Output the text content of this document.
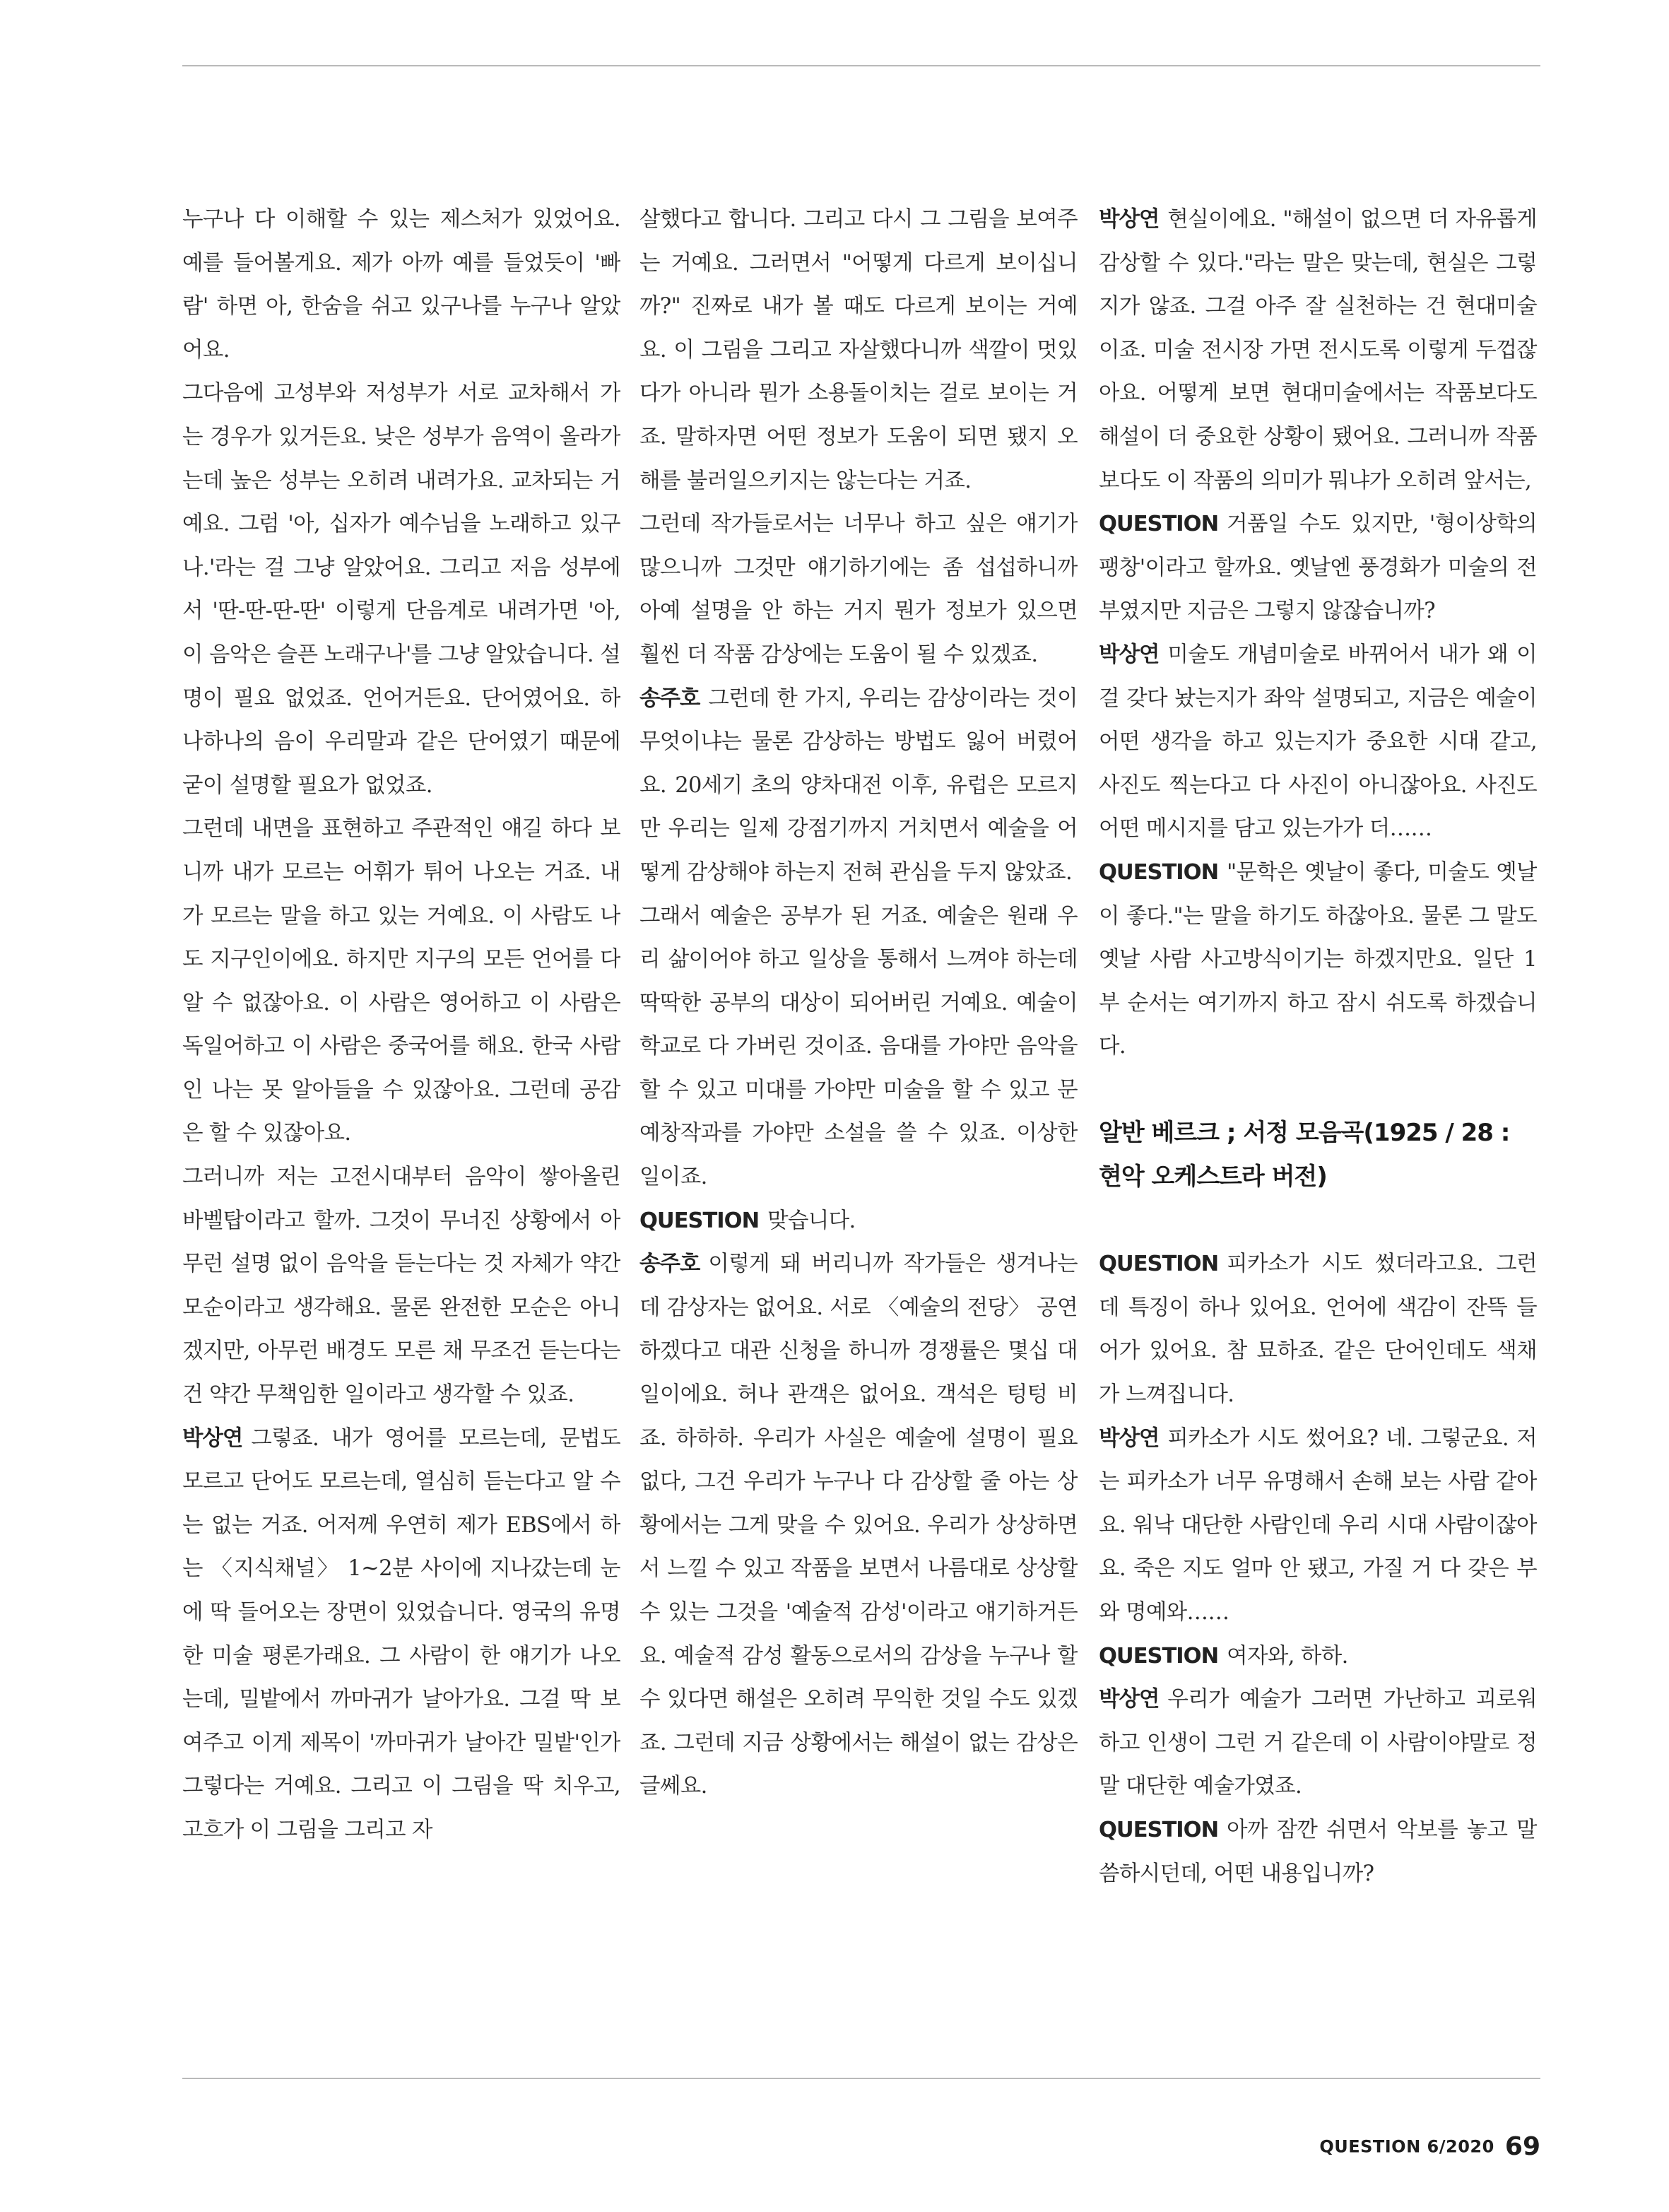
누구나 다 이해할 수 있는 제스처가 있었어요. 예를 들어볼게요. 제가 아까 예를 들었듯이 '빠람' 하면 아, 한숨을 쉬고 있구나를 누구나 알았어요.

그다음에 고성부와 저성부가 서로 교차해서 가는 경우가 있거든요. 낮은 성부가 음역이 올라가는데 높은 성부는 오히려 내려가요. 교차되는 거예요. 그럼 '아, 십자가 예수님을 노래하고 있구나.'라는 걸 그냥 알았어요. 그리고 저음 성부에서 '딴-딴-딴-딴' 이렇게 단음계로 내려가면 '아, 이 음악은 슬픈 노래구나'를 그냥 알았습니다. 설명이 필요 없었죠. 언어거든요. 단어였어요. 하나하나의 음이 우리말과 같은 단어였기 때문에 굳이 설명할 필요가 없었죠.

그런데 내면을 표현하고 주관적인 얘길 하다 보니까 내가 모르는 어휘가 튀어 나오는 거죠. 내가 모르는 말을 하고 있는 거예요. 이 사람도 나도 지구인이에요. 하지만 지구의 모든 언어를 다 알 수 없잖아요. 이 사람은 영어하고 이 사람은 독일어하고 이 사람은 중국어를 해요. 한국 사람인 나는 못 알아들을 수 있잖아요. 그런데 공감은 할 수 있잖아요.

그러니까 저는 고전시대부터 음악이 쌓아올린 바벨탑이라고 할까. 그것이 무너진 상황에서 아무런 설명 없이 음악을 듣는다는 것 자체가 약간 모순이라고 생각해요. 물론 완전한 모순은 아니겠지만, 아무런 배경도 모른 채 무조건 듣는다는 건 약간 무책임한 일이라고 생각할 수 있죠.

박상연 그렇죠. 내가 영어를 모르는데, 문법도 모르고 단어도 모르는데, 열심히 듣는다고 알 수는 없는 거죠. 어저께 우연히 제가 EBS에서 하는 〈지식채널〉 1~2분 사이에 지나갔는데 눈에 딱 들어오는 장면이 있었습니다. 영국의 유명한 미술 평론가래요. 그 사람이 한 얘기가 나오는데, 밀밭에서 까마귀가 날아가요. 그걸 딱 보여주고 이게 제목이 '까마귀가 날아간 밀밭'인가 그렇다는 거예요. 그리고 이 그림을 딱 치우고, 고흐가 이 그림을 그리고 자

살했다고 합니다. 그리고 다시 그 그림을 보여주는 거예요. 그러면서 "어떻게 다르게 보이십니까?" 진짜로 내가 볼 때도 다르게 보이는 거예요. 이 그림을 그리고 자살했다니까 색깔이 멋있다가 아니라 뭔가 소용돌이치는 걸로 보이는 거죠. 말하자면 어떤 정보가 도움이 되면 됐지 오해를 불러일으키지는 않는다는 거죠.

그런데 작가들로서는 너무나 하고 싶은 얘기가 많으니까 그것만 얘기하기에는 좀 섭섭하니까 아예 설명을 안 하는 거지 뭔가 정보가 있으면 훨씬 더 작품 감상에는 도움이 될 수 있겠죠.

송주호 그런데 한 가지, 우리는 감상이라는 것이 무엇이냐는 물론 감상하는 방법도 잃어 버렸어요. 20세기 초의 양차대전 이후, 유럽은 모르지만 우리는 일제 강점기까지 거치면서 예술을 어떻게 감상해야 하는지 전혀 관심을 두지 않았죠.

그래서 예술은 공부가 된 거죠. 예술은 원래 우리 삶이어야 하고 일상을 통해서 느껴야 하는데 딱딱한 공부의 대상이 되어버린 거예요. 예술이 학교로 다 가버린 것이죠. 음대를 가야만 음악을 할 수 있고 미대를 가야만 미술을 할 수 있고 문예창작과를 가야만 소설을 쓸 수 있죠. 이상한 일이죠.

QUESTION 맞습니다.

송주호 이렇게 돼 버리니까 작가들은 생겨나는데 감상자는 없어요. 서로 〈예술의 전당〉 공연하겠다고 대관 신청을 하니까 경쟁률은 몇십 대 일이에요. 허나 관객은 없어요. 객석은 텅텅 비죠. 하하하. 우리가 사실은 예술에 설명이 필요 없다, 그건 우리가 누구나 다 감상할 줄 아는 상황에서는 그게 맞을 수 있어요. 우리가 상상하면서 느낄 수 있고 작품을 보면서 나름대로 상상할 수 있는 그것을 '예술적 감성'이라고 얘기하거든요. 예술적 감성 활동으로서의 감상을 누구나 할 수 있다면 해설은 오히려 무익한 것일 수도 있겠죠. 그런데 지금 상황에서는 해설이 없는 감상은 글쎄요.

박상연 현실이에요. "해설이 없으면 더 자유롭게 감상할 수 있다."라는 말은 맞는데, 현실은 그렇지가 않죠. 그걸 아주 잘 실천하는 건 현대미술이죠. 미술 전시장 가면 전시도록 이렇게 두껍잖아요. 어떻게 보면 현대미술에서는 작품보다도 해설이 더 중요한 상황이 됐어요. 그러니까 작품보다도 이 작품의 의미가 뭐냐가 오히려 앞서는,

QUESTION 거품일 수도 있지만, '형이상학의 팽창'이라고 할까요. 옛날엔 풍경화가 미술의 전부였지만 지금은 그렇지 않잖습니까?

박상연 미술도 개념미술로 바뀌어서 내가 왜 이걸 갖다 놨는지가 좌악 설명되고, 지금은 예술이 어떤 생각을 하고 있는지가 중요한 시대 같고, 사진도 찍는다고 다 사진이 아니잖아요. 사진도 어떤 메시지를 담고 있는가가 더……

QUESTION "문학은 옛날이 좋다, 미술도 옛날이 좋다."는 말을 하기도 하잖아요. 물론 그 말도 옛날 사람 사고방식이기는 하겠지만요. 일단 1부 순서는 여기까지 하고 잠시 쉬도록 하겠습니다.

알반 베르크 ; 서정 모음곡(1925 / 28 : 현악 오케스트라 버전)

QUESTION 피카소가 시도 썼더라고요. 그런데 특징이 하나 있어요. 언어에 색감이 잔뜩 들어가 있어요. 참 묘하죠. 같은 단어인데도 색채가 느껴집니다.

박상연 피카소가 시도 썼어요? 네. 그렇군요. 저는 피카소가 너무 유명해서 손해 보는 사람 같아요. 워낙 대단한 사람인데 우리 시대 사람이잖아요. 죽은 지도 얼마 안 됐고, 가질 거 다 갖은 부와 명예와……

QUESTION 여자와, 하하.

박상연 우리가 예술가 그러면 가난하고 괴로워하고 인생이 그런 거 같은데 이 사람이야말로 정말 대단한 예술가였죠.

QUESTION 아까 잠깐 쉬면서 악보를 놓고 말씀하시던데, 어떤 내용입니까?

QUESTION 6/2020 69
